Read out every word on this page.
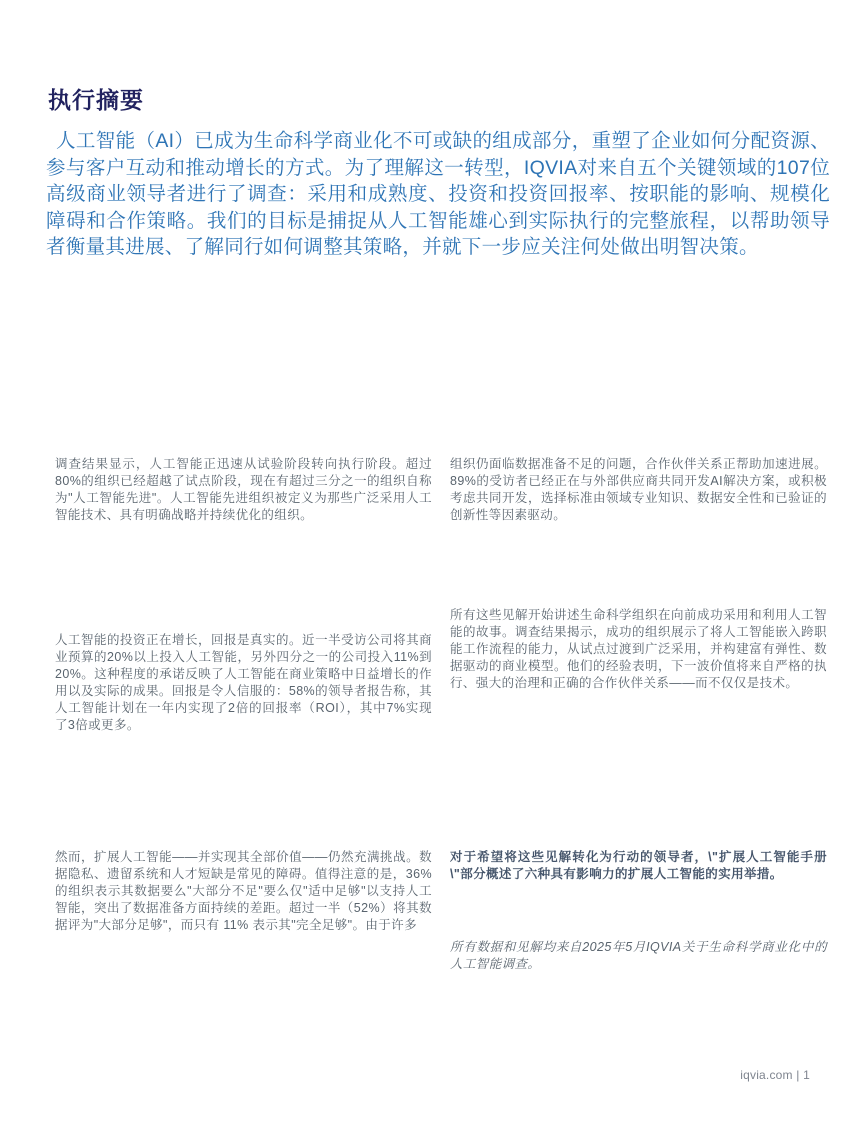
执行摘要

人工智能（AI）已成为生命科学商业化不可或缺的组成部分，重塑了企业如何分配资源、参与客户互动和推动增长的方式。为了理解这一转型，IQVIA对来自五个关键领域的107位高级商业领导者进行了调查：采用和成熟度、投资和投资回报率、按职能的影响、规模化障碍和合作策略。我们的目标是捕捉从人工智能雄心到实际执行的完整旅程，以帮助领导者衡量其进展、了解同行如何调整其策略，并就下一步应关注何处做出明智决策。

调查结果显示，人工智能正迅速从试验阶段转向执行阶段。超过80%的组织已经超越了试点阶段，现在有超过三分之一的组织自称为"人工智能先进"。人工智能先进组织被定义为那些广泛采用人工智能技术、具有明确战略并持续优化的组织。

组织仍面临数据准备不足的问题，合作伙伴关系正帮助加速进展。89%的受访者已经正在与外部供应商共同开发AI解决方案，或积极考虑共同开发，选择标准由领域专业知识、数据安全性和已验证的创新性等因素驱动。

人工智能的投资正在增长，回报是真实的。近一半受访公司将其商业预算的20%以上投入人工智能，另外四分之一的公司投入11%到20%。这种程度的承诺反映了人工智能在商业策略中日益增长的作用以及实际的成果。回报是令人信服的：58%的领导者报告称，其人工智能计划在一年内实现了2倍的回报率（ROI），其中7%实现了3倍或更多。

所有这些见解开始讲述生命科学组织在向前成功采用和利用人工智能的故事。调查结果揭示，成功的组织展示了将人工智能嵌入跨职能工作流程的能力，从试点过渡到广泛采用，并构建富有弹性、数据驱动的商业模型。他们的经验表明，下一波价值将来自严格的执行、强大的治理和正确的合作伙伴关系——而不仅仅是技术。

然而，扩展人工智能——并实现其全部价值——仍然充满挑战。数据隐私、遗留系统和人才短缺是常见的障碍。值得注意的是，36%的组织表示其数据要么"大部分不足"要么仅"适中足够"以支持人工智能，突出了数据准备方面持续的差距。超过一半（52%）将其数据评为"大部分足够"，而只有 11% 表示其"完全足够"。由于许多

对于希望将这些见解转化为行动的领导者，\"扩展人工智能手册\"部分概述了六种具有影响力的扩展人工智能的实用举措。

所有数据和见解均来自2025年5月IQVIA关于生命科学商业化中的人工智能调查。

iqvia.com | 1
